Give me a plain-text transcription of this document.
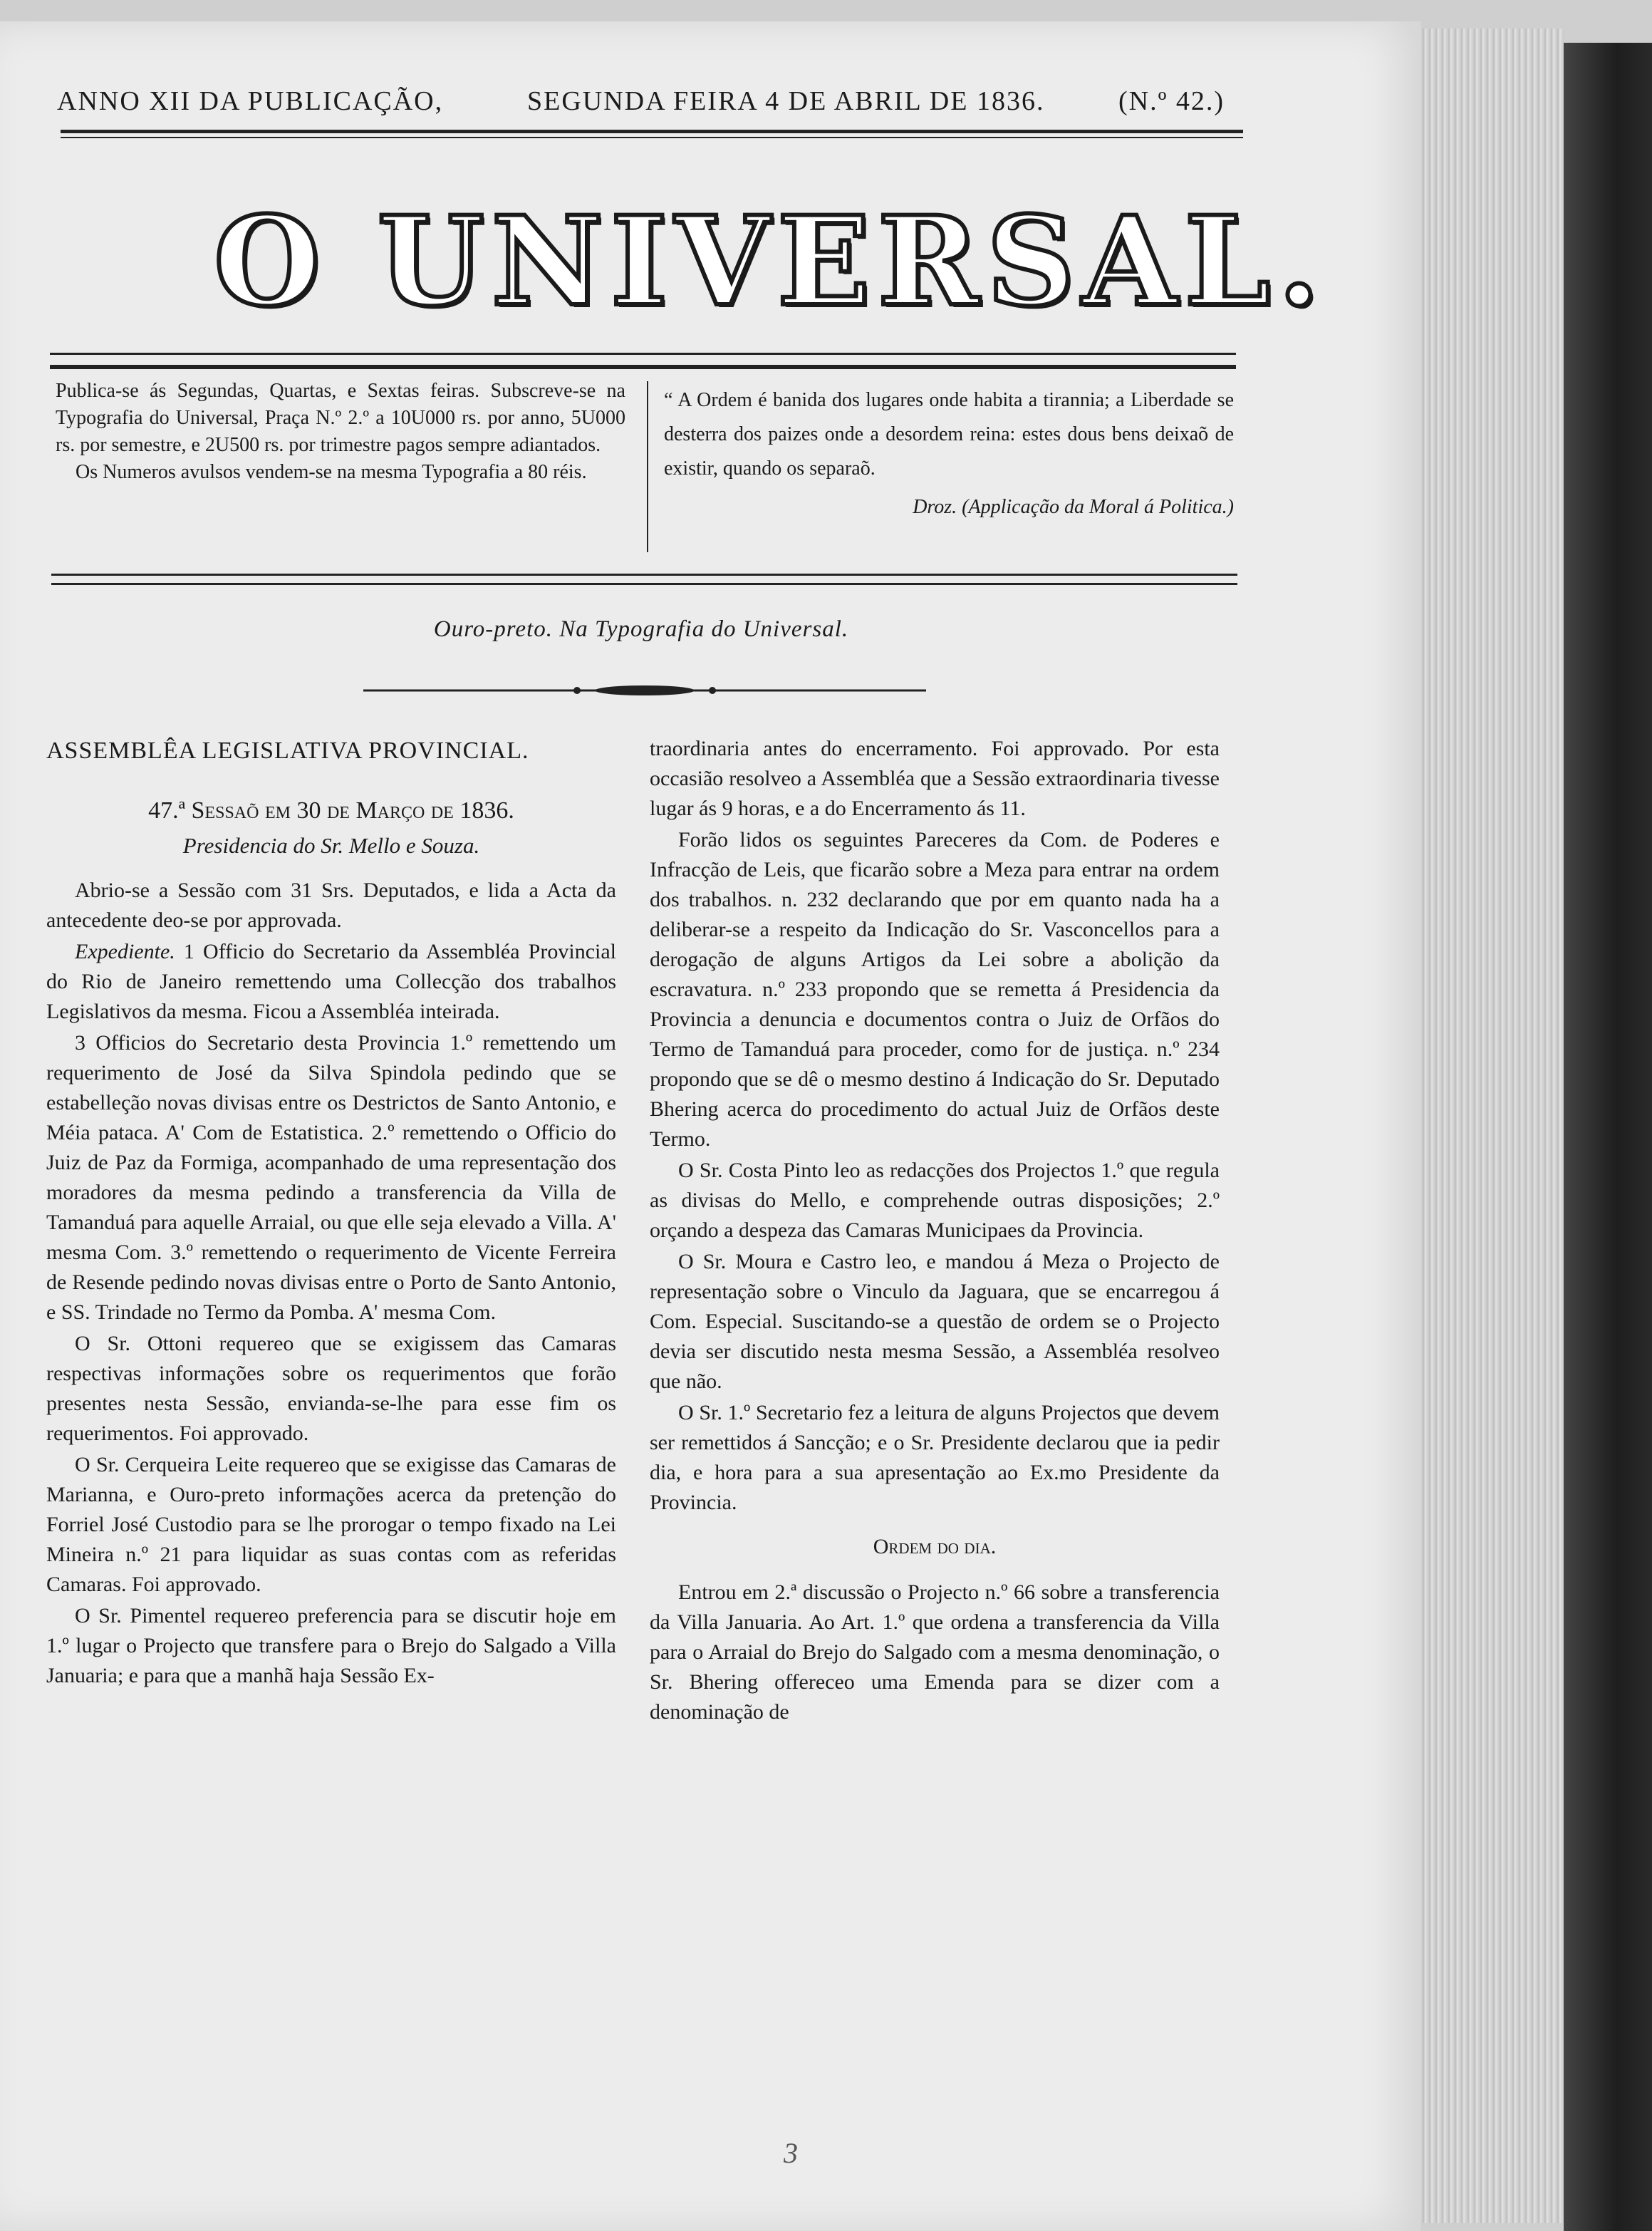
ANNO XII DA PUBLICAÇÃO,	SEGUNDA FEIRA 4 DE ABRIL DE 1836.	(N.º 42.)
O UNIVERSAL.

Publica-se ás Segundas, Quartas, e Sextas feiras. Subscreve-se na Typografia do Universal, Praça N.º 2.º a 10U000 rs. por anno, 5U000 rs. por semestre, e 2U500 rs. por trimestre pagos sempre adiantados.

Os Numeros avulsos vendem-se na mesma Typografia a 80 réis.

“ A Ordem é banida dos lugares onde habita a tirannia; a Liberdade se desterra dos paizes onde a desordem reina: estes dous bens deixaõ de existir, quando os separaõ.

Droz. (Applicação da Moral á Politica.)

Ouro-preto. Na Typografia do Universal.

ASSEMBLÊA LEGISLATIVA PROVINCIAL.

47.ª Sessaõ em 30 de Março de 1836.

Presidencia do Sr. Mello e Souza.

Abrio-se a Sessão com 31 Srs. Deputados, e lida a Acta da antecedente deo-se por approvada.

Expediente. 1 Officio do Secretario da Assembléa Provincial do Rio de Janeiro remettendo uma Collecção dos trabalhos Legislativos da mesma. Ficou a Assembléa inteirada.

3 Officios do Secretario desta Provincia 1.º remettendo um requerimento de José da Silva Spindola pedindo que se estabelleção novas divisas entre os Destrictos de Santo Antonio, e Méia pataca. A' Com de Estatistica. 2.º remettendo o Officio do Juiz de Paz da Formiga, acompanhado de uma representação dos moradores da mesma pedindo a transferencia da Villa de Tamanduá para aquelle Arraial, ou que elle seja elevado a Villa. A' mesma Com. 3.º remettendo o requerimento de Vicente Ferreira de Resende pedindo novas divisas entre o Porto de Santo Antonio, e SS. Trindade no Termo da Pomba. A' mesma Com.

O Sr. Ottoni requereo que se exigissem das Camaras respectivas informações sobre os requerimentos que forão presentes nesta Sessão, envianda-se-lhe para esse fim os requerimentos. Foi approvado.

O Sr. Cerqueira Leite requereo que se exigisse das Camaras de Marianna, e Ouro-preto informações acerca da pretenção do Forriel José Custodio para se lhe prorogar o tempo fixado na Lei Mineira n.º 21 para liquidar as suas contas com as referidas Camaras. Foi approvado.

O Sr. Pimentel requereo preferencia para se discutir hoje em 1.º lugar o Projecto que transfere para o Brejo do Salgado a Villa Januaria; e para que a manhã haja Sessão Ex-

traordinaria antes do encerramento. Foi approvado. Por esta occasião resolveo a Assembléa que a Sessão extraordinaria tivesse lugar ás 9 horas, e a do Encerramento ás 11.

Forão lidos os seguintes Pareceres da Com. de Poderes e Infracção de Leis, que ficarão sobre a Meza para entrar na ordem dos trabalhos. n. 232 declarando que por em quanto nada ha a deliberar-se a respeito da Indicação do Sr. Vasconcellos para a derogação de alguns Artigos da Lei sobre a abolição da escravatura. n.º 233 propondo que se remetta á Presidencia da Provincia a denuncia e documentos contra o Juiz de Orfãos do Termo de Tamanduá para proceder, como for de justiça. n.º 234 propondo que se dê o mesmo destino á Indicação do Sr. Deputado Bhering acerca do procedimento do actual Juiz de Orfãos deste Termo.

O Sr. Costa Pinto leo as redacções dos Projectos 1.º que regula as divisas do Mello, e comprehende outras disposições; 2.º orçando a despeza das Camaras Municipaes da Provincia.

O Sr. Moura e Castro leo, e mandou á Meza o Projecto de representação sobre o Vinculo da Jaguara, que se encarregou á Com. Especial. Suscitando-se a questão de ordem se o Projecto devia ser discutido nesta mesma Sessão, a Assembléa resolveo que não.

O Sr. 1.º Secretario fez a leitura de alguns Projectos que devem ser remettidos á Sancção; e o Sr. Presidente declarou que ia pedir dia, e hora para a sua apresentação ao Ex.mo Presidente da Provincia.

Ordem do dia.

Entrou em 2.ª discussão o Projecto n.º 66 sobre a transferencia da Villa Januaria. Ao Art. 1.º que ordena a transferencia da Villa para o Arraial do Brejo do Salgado com a mesma denominação, o Sr. Bhering offereceo uma Emenda para se dizer com a denominação de

3
